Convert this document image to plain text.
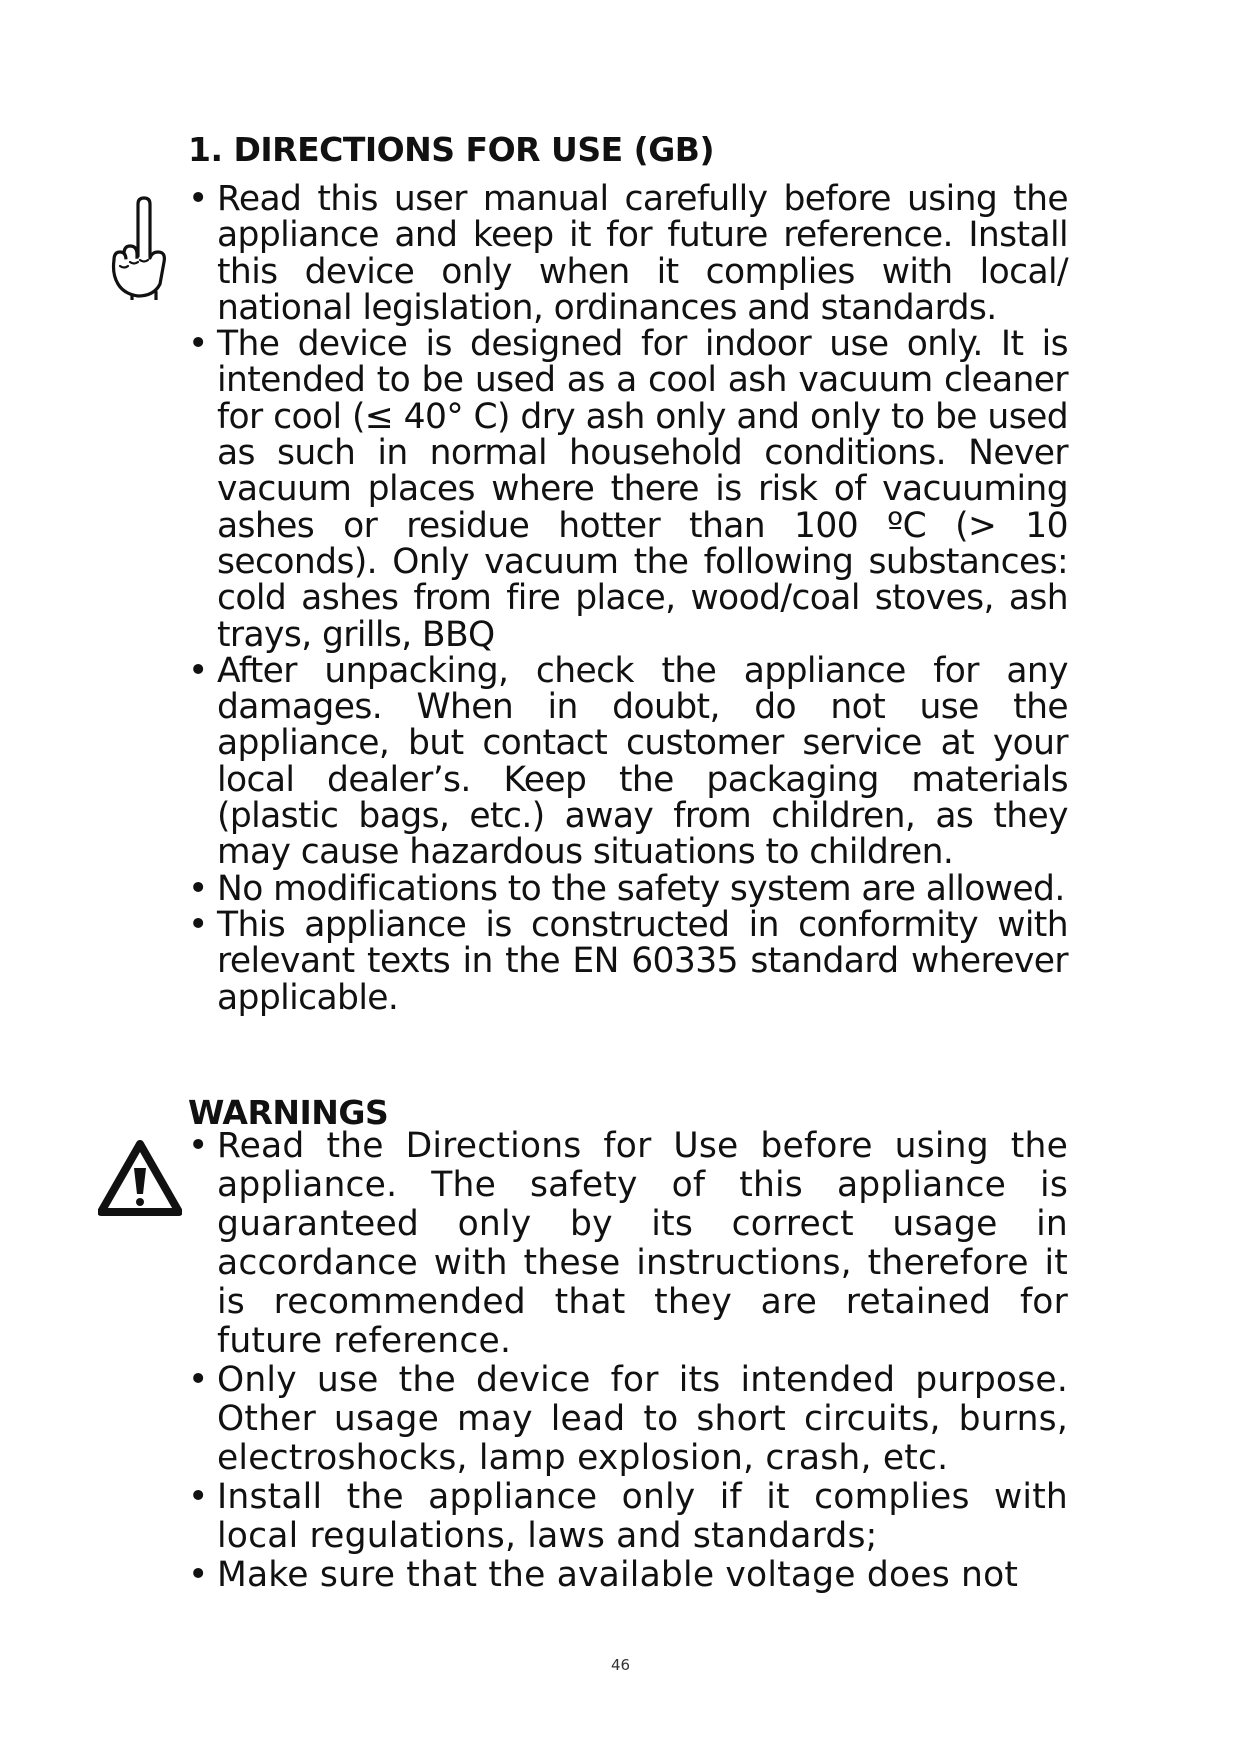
1. DIRECTIONS FOR USE (GB)
• Read this user manual carefully before using the appliance and keep it for future reference. Install this device only when it complies with local/ national legislation, ordinances and standards.
• The device is designed for indoor use only. It is intended to be used as a cool ash vacuum cleaner for cool (≤ 40° C) dry ash only and only to be used as such in normal household conditions. Never vacuum places where there is risk of vacuuming ashes or residue hotter than 100 ºC (> 10 seconds). Only vacuum the following substances: cold ashes from fire place, wood/coal stoves, ash trays, grills, BBQ
• After unpacking, check the appliance for any damages. When in doubt, do not use the appliance, but contact customer service at your local dealer’s. Keep the packaging materials (plastic bags, etc.) away from children, as they may cause hazardous situations to children.
• No modifications to the safety system are allowed.
• This appliance is constructed in conformity with relevant texts in the EN 60335 standard wherever applicable.
WARNINGS
• Read the Directions for Use before using the appliance. The safety of this appliance is guaranteed only by its correct usage in accordance with these instructions, therefore it is recommended that they are retained for future reference.
• Only use the device for its intended purpose. Other usage may lead to short circuits, burns, electroshocks, lamp explosion, crash, etc.
• Install the appliance only if it complies with local regulations, laws and standards;
• Make sure that the available voltage does not
46
